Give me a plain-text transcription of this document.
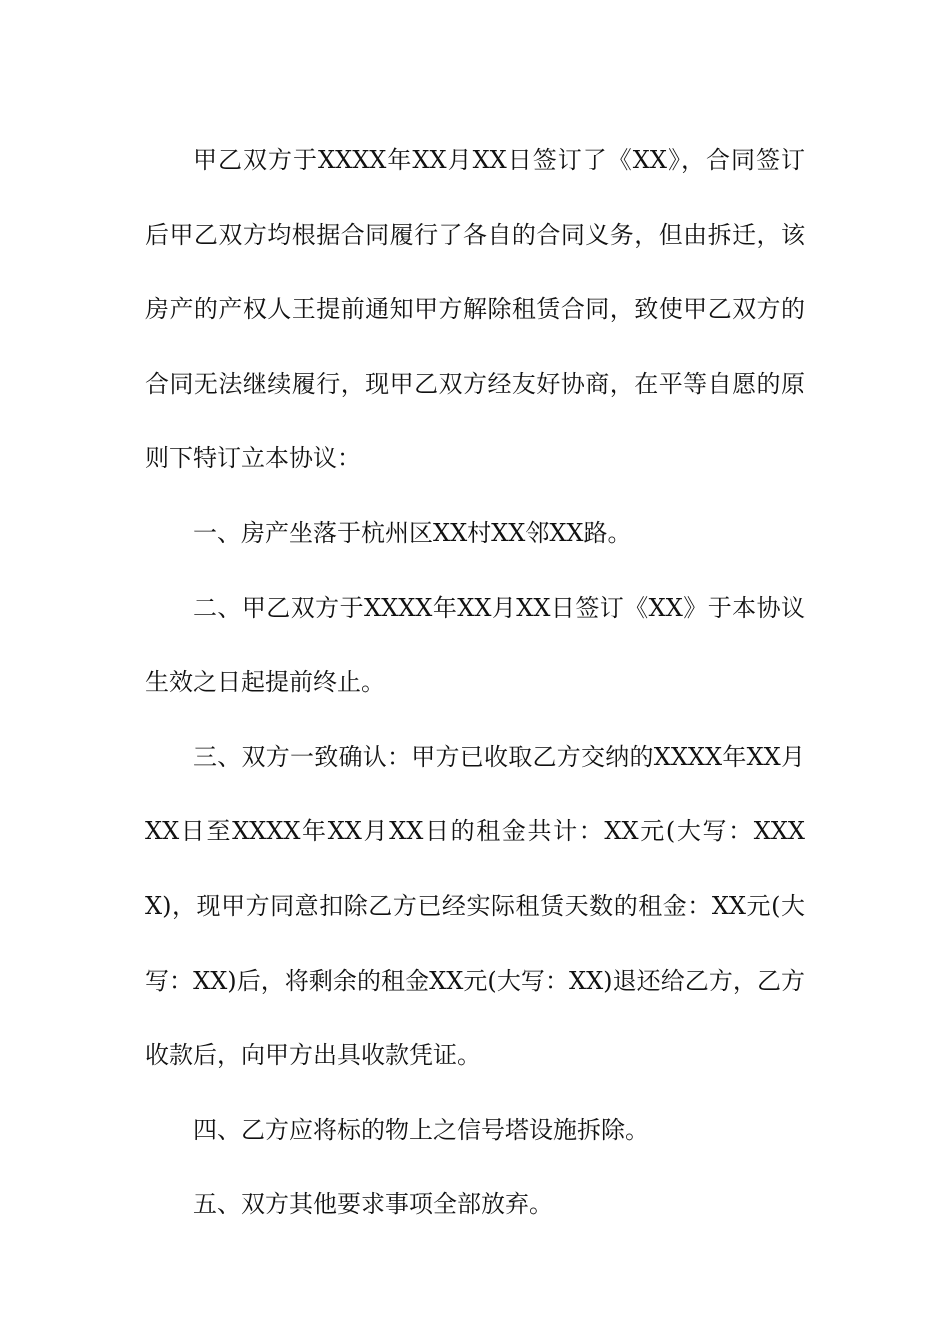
甲乙双方于XXXX年XX月XX日签订了《XX》，合同签订后甲乙双方均根据合同履行了各自的合同义务，但由拆迁，该房产的产权人王提前通知甲方解除租赁合同，致使甲乙双方的合同无法继续履行，现甲乙双方经友好协商，在平等自愿的原则下特订立本协议：

一、房产坐落于杭州区XX村XX邻XX路。

二、甲乙双方于XXXX年XX月XX日签订《XX》于本协议生效之日起提前终止。

三、双方一致确认：甲方已收取乙方交纳的XXXX年XX月XX日至XXXX年XX月XX日的租金共计：XX元(大写：XXXX)，现甲方同意扣除乙方已经实际租赁天数的租金：XX元(大写：XX)后，将剩余的租金XX元(大写：XX)退还给乙方，乙方收款后，向甲方出具收款凭证。

四、乙方应将标的物上之信号塔设施拆除。

五、双方其他要求事项全部放弃。
